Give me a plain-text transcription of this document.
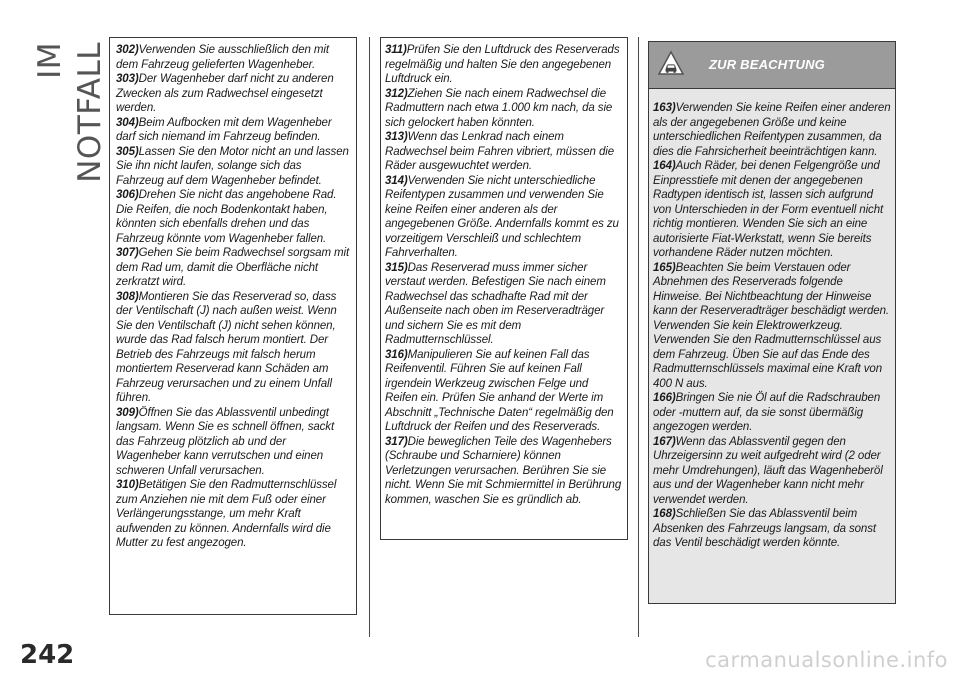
IM NOTFALL 302)Verwenden Sie ausschließlich den mit dem Fahrzeug gelieferten Wagenheber.

303)Der Wagenheber darf nicht zu anderen Zwecken als zum Radwechsel eingesetzt werden.

304)Beim Aufbocken mit dem Wagenheber darf sich niemand im Fahrzeug befinden.

305)Lassen Sie den Motor nicht an und lassen Sie ihn nicht laufen, solange sich das Fahrzeug auf dem Wagenheber befindet.

306)Drehen Sie nicht das angehobene Rad. Die Reifen, die noch Bodenkontakt haben, könnten sich ebenfalls drehen und das Fahrzeug könnte vom Wagenheber fallen.

307)Gehen Sie beim Radwechsel sorgsam mit dem Rad um, damit die Oberfläche nicht zerkratzt wird.

308)Montieren Sie das Reserverad so, dass der Ventilschaft (J) nach außen weist. Wenn Sie den Ventilschaft (J) nicht sehen können, wurde das Rad falsch herum montiert. Der Betrieb des Fahrzeugs mit falsch herum montiertem Reserverad kann Schäden am Fahrzeug verursachen und zu einem Unfall führen.

309)Öffnen Sie das Ablassventil unbedingt langsam. Wenn Sie es schnell öffnen, sackt das Fahrzeug plötzlich ab und der Wagenheber kann verrutschen und einen schweren Unfall verursachen.

310)Betätigen Sie den Radmutternschlüssel zum Anziehen nie mit dem Fuß oder einer Verlängerungsstange, um mehr Kraft aufwenden zu können. Andernfalls wird die Mutter zu fest angezogen.

311)Prüfen Sie den Luftdruck des Reserverads regelmäßig und halten Sie den angegebenen Luftdruck ein.

312)Ziehen Sie nach einem Radwechsel die Radmuttern nach etwa 1.000 km nach, da sie sich gelockert haben könnten.

313)Wenn das Lenkrad nach einem Radwechsel beim Fahren vibriert, müssen die Räder ausgewuchtet werden.

314)Verwenden Sie nicht unterschiedliche Reifentypen zusammen und verwenden Sie keine Reifen einer anderen als der angegebenen Größe. Andernfalls kommt es zu vorzeitigem Verschleiß und schlechtem Fahrverhalten.

315)Das Reserverad muss immer sicher verstaut werden. Befestigen Sie nach einem Radwechsel das schadhafte Rad mit der Außenseite nach oben im Reserveradträger und sichern Sie es mit dem Radmutternschlüssel.

316)Manipulieren Sie auf keinen Fall das Reifenventil. Führen Sie auf keinen Fall irgendein Werkzeug zwischen Felge und Reifen ein. Prüfen Sie anhand der Werte im Abschnitt „Technische Daten“ regelmäßig den Luftdruck der Reifen und des Reserverads.

317)Die beweglichen Teile des Wagenhebers (Schraube und Scharniere) können Verletzungen verursachen. Berühren Sie sie nicht. Wenn Sie mit Schmiermittel in Berührung kommen, waschen Sie es gründlich ab.

ZUR BEACHTUNG

163)Verwenden Sie keine Reifen einer anderen als der angegebenen Größe und keine unterschiedlichen Reifentypen zusammen, da dies die Fahrsicherheit beeinträchtigen kann.

164)Auch Räder, bei denen Felgengröße und Einpresstiefe mit denen der angegebenen Radtypen identisch ist, lassen sich aufgrund von Unterschieden in der Form eventuell nicht richtig montieren. Wenden Sie sich an eine autorisierte Fiat-Werkstatt, wenn Sie bereits vorhandene Räder nutzen möchten.

165)Beachten Sie beim Verstauen oder Abnehmen des Reserverads folgende Hinweise. Bei Nichtbeachtung der Hinweise kann der Reserveradträger beschädigt werden. Verwenden Sie kein Elektrowerkzeug. Verwenden Sie den Radmutternschlüssel aus dem Fahrzeug. Üben Sie auf das Ende des Radmutternschlüssels maximal eine Kraft von 400 N aus.

166)Bringen Sie nie Öl auf die Radschrauben oder -muttern auf, da sie sonst übermäßig angezogen werden.

167)Wenn das Ablassventil gegen den Uhrzeigersinn zu weit aufgedreht wird (2 oder mehr Umdrehungen), läuft das Wagenheberöl aus und der Wagenheber kann nicht mehr verwendet werden.

168)Schließen Sie das Ablassventil beim Absenken des Fahrzeugs langsam, da sonst das Ventil beschädigt werden könnte.

242	carmanualsonline.info
